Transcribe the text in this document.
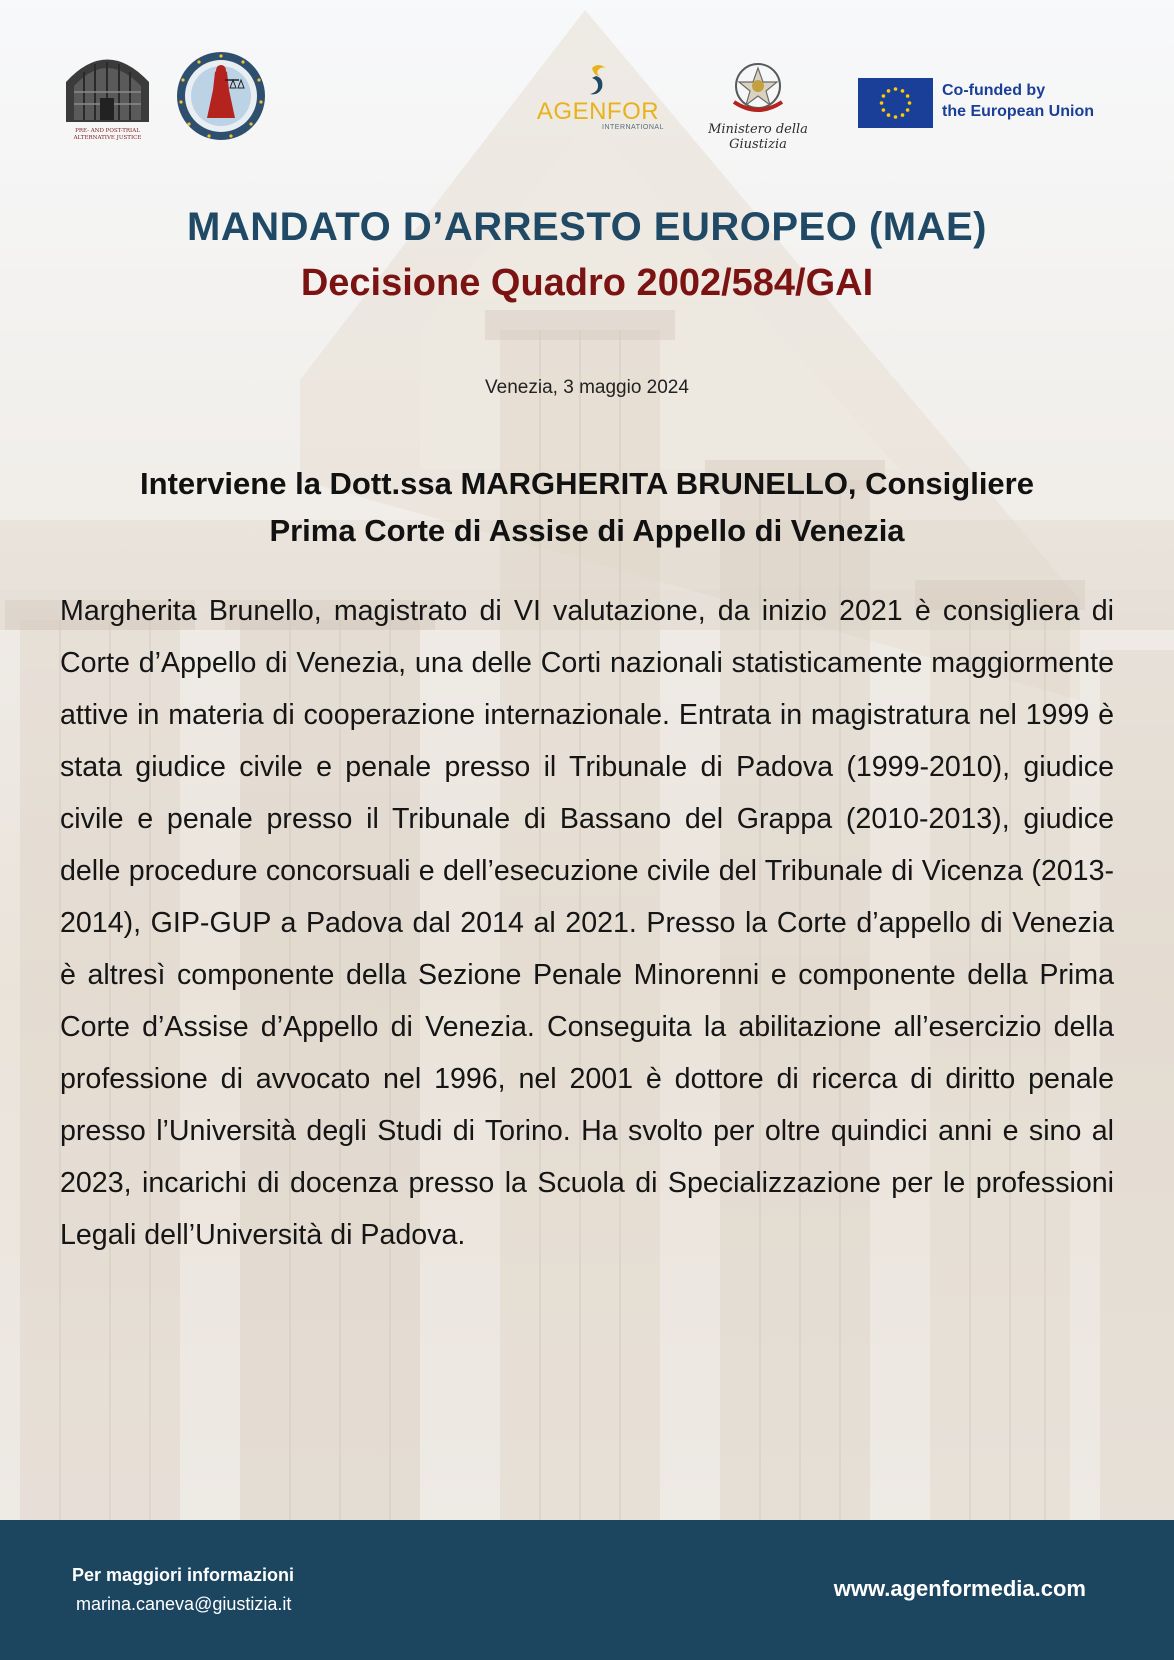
PRE- AND POST-TRIAL
ALTERNATIVE JUSTICE
AGENFOR
INTERNATIONAL	Ministero della Giustizia
Co-funded by
the European Union
MANDATO D’ARRESTO EUROPEO (MAE)
Decisione Quadro 2002/584/GAI
Venezia, 3 maggio 2024
Interviene la Dott.ssa MARGHERITA BRUNELLO, Consigliere
Prima Corte di Assise di Appello di Venezia
Margherita Brunello, magistrato di VI valutazione, da inizio 2021 è consigliera di Corte d’Appello di Venezia, una delle Corti nazionali statisticamente maggiormente attive in materia di cooperazione internazionale. Entrata in magistratura nel 1999 è stata giudice civile e penale presso il Tribunale di Padova (1999-2010), giudice civile e penale presso il Tribunale di Bassano del Grappa (2010-2013), giudice delle procedure concorsuali e dell’esecuzione civile del Tribunale di Vicenza (2013-2014), GIP-GUP a Padova dal 2014 al 2021. Presso la Corte d’appello di Venezia è altresì componente della Sezione Penale Minorenni e componente della Prima Corte d’Assise d’Appello di Venezia. Conseguita la abilitazione all’esercizio della professione di avvocato nel 1996, nel 2001 è dottore di ricerca di diritto penale presso l’Università degli Studi di Torino. Ha svolto per oltre quindici anni e sino al 2023, incarichi di docenza presso la Scuola di Specializzazione per le professioni Legali dell’Università di Padova.
Per maggiori informazioni
marina.caneva@giustizia.it
www.agenformedia.com
